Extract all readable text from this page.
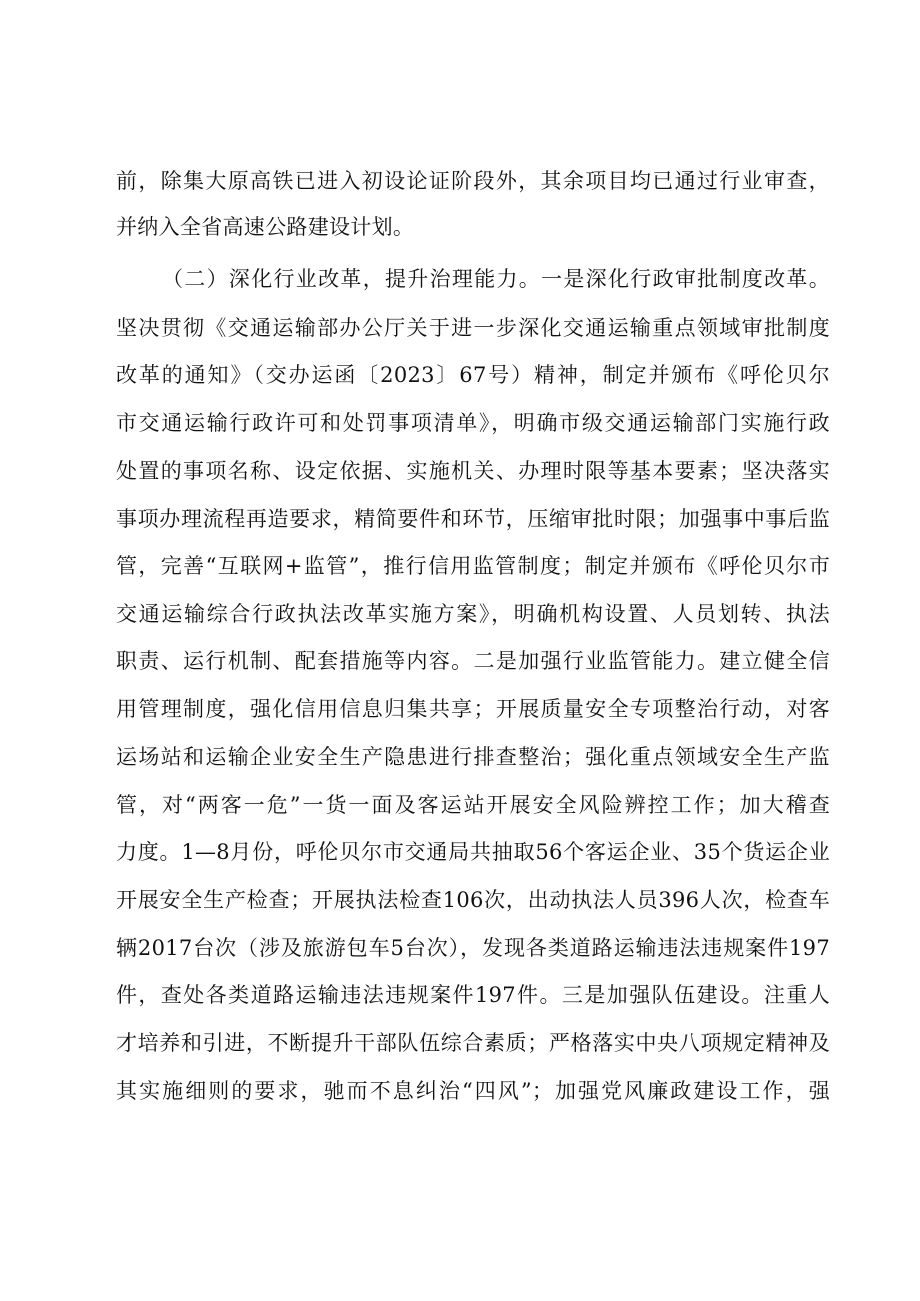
前，除集大原高铁已进入初设论证阶段外，其余项目均已通过行业审查，
并纳入全省高速公路建设计划。
（二）深化行业改革，提升治理能力。一是深化行政审批制度改革。
坚决贯彻《交通运输部办公厅关于进一步深化交通运输重点领域审批制度
改革的通知》（交办运函〔2023〕67号）精神，制定并颁布《呼伦贝尔
市交通运输行政许可和处罚事项清单》，明确市级交通运输部门实施行政
处置的事项名称、设定依据、实施机关、办理时限等基本要素；坚决落实
事项办理流程再造要求，精简要件和环节，压缩审批时限；加强事中事后监
管，完善“互联网+监管”，推行信用监管制度；制定并颁布《呼伦贝尔市
交通运输综合行政执法改革实施方案》，明确机构设置、人员划转、执法
职责、运行机制、配套措施等内容。二是加强行业监管能力。建立健全信
用管理制度，强化信用信息归集共享；开展质量安全专项整治行动，对客
运场站和运输企业安全生产隐患进行排查整治；强化重点领域安全生产监
管，对“两客一危”一货一面及客运站开展安全风险辨控工作；加大稽查
力度。1—8月份，呼伦贝尔市交通局共抽取56个客运企业、35个货运企业
开展安全生产检查；开展执法检查106次，出动执法人员396人次，检查车
辆2017台次（涉及旅游包车5台次），发现各类道路运输违法违规案件197
件，查处各类道路运输违法违规案件197件。三是加强队伍建设。注重人
才培养和引进，不断提升干部队伍综合素质；严格落实中央八项规定精神及
其实施细则的要求，驰而不息纠治“四风”；加强党风廉政建设工作，强
